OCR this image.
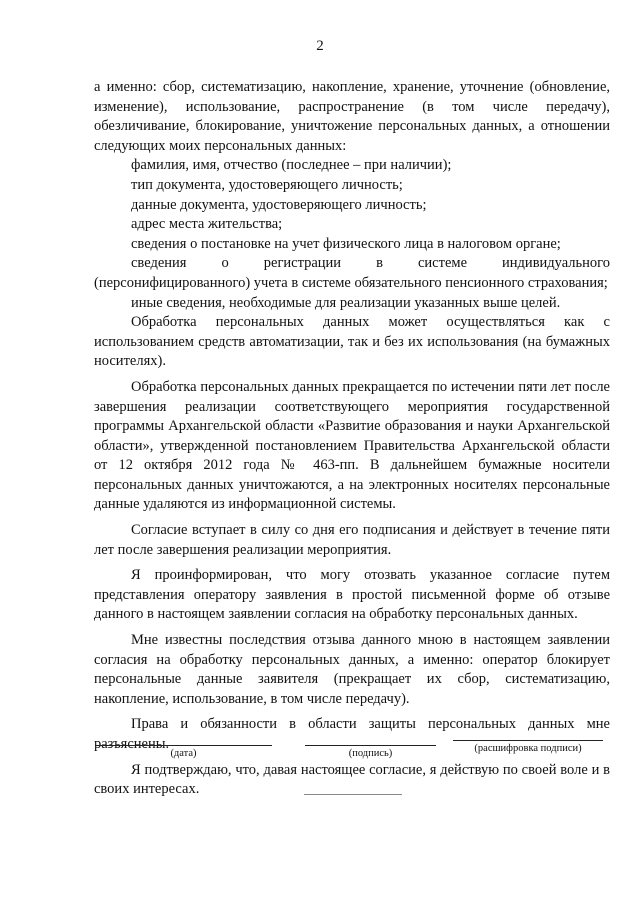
2

а именно: сбор, систематизацию, накопление, хранение, уточнение (обновление, изменение), использование, распространение (в том числе передачу), обезличивание, блокирование, уничтожение персональных данных, а отношении следующих моих персональных данных:

фамилия, имя, отчество (последнее – при наличии);

тип документа, удостоверяющего личность;

данные документа, удостоверяющего личность;

адрес места жительства;

сведения о постановке на учет физического лица в налоговом органе;

сведения о регистрации в системе индивидуального (персонифицированного) учета в системе обязательного пенсионного страхования;

иные сведения, необходимые для реализации указанных выше целей.

Обработка персональных данных может осуществляться как с использованием средств автоматизации, так и без их использования (на бумажных носителях).

Обработка персональных данных прекращается по истечении пяти лет после завершения реализации соответствующего мероприятия государственной программы Архангельской области «Развитие образования и науки Архангельской области», утвержденной постановлением Правительства Архангельской области от 12 октября 2012 года № 463-пп. В дальнейшем бумажные носители персональных данных уничтожаются, а на электронных носителях персональные данные удаляются из информационной системы.

Согласие вступает в силу со дня его подписания и действует в течение пяти лет после завершения реализации мероприятия.

Я проинформирован, что могу отозвать указанное согласие путем представления оператору заявления в простой письменной форме об отзыве данного в настоящем заявлении согласия на обработку персональных данных.

Мне известны последствия отзыва данного мною в настоящем заявлении согласия на обработку персональных данных, а именно: оператор блокирует персональные данные заявителя (прекращает их сбор, систематизацию, накопление, использование, в том числе передачу).

Права и обязанности в области защиты персональных данных мне разъяснены.

Я подтверждаю, что, давая настоящее согласие, я действую по своей воле и в своих интересах.

(дата)	(подпись)	(расшифровка подписи)
